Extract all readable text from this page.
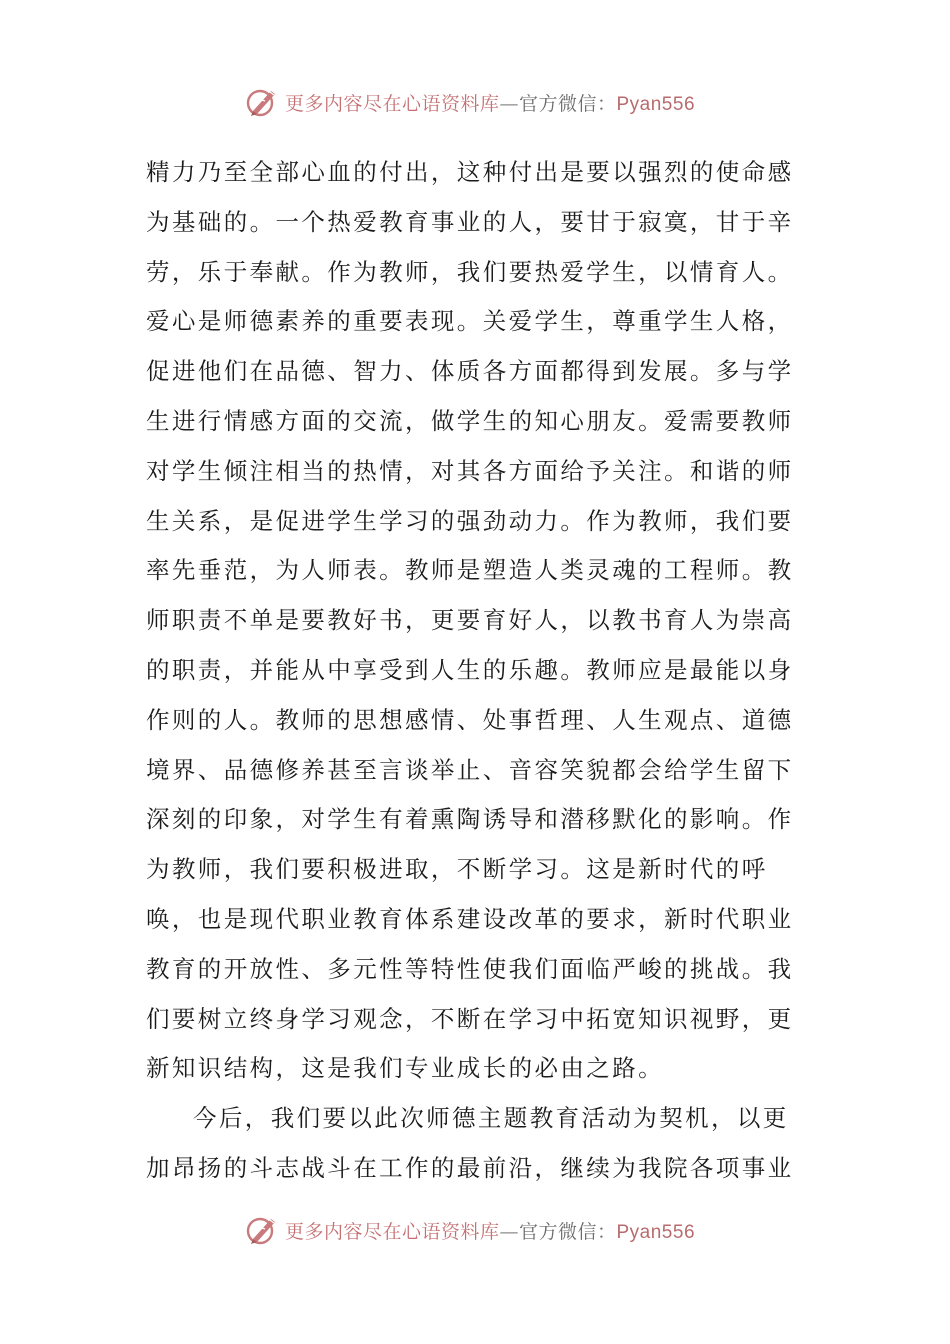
更多内容尽在心语资料库—官方微信：Pyan556

精力乃至全部心血的付出，这种付出是要以强烈的使命感为基础的。一个热爱教育事业的人，要甘于寂寞，甘于辛劳，乐于奉献。作为教师，我们要热爱学生，以情育人。爱心是师德素养的重要表现。关爱学生，尊重学生人格，促进他们在品德、智力、体质各方面都得到发展。多与学生进行情感方面的交流，做学生的知心朋友。爱需要教师对学生倾注相当的热情，对其各方面给予关注。和谐的师生关系，是促进学生学习的强劲动力。作为教师，我们要率先垂范，为人师表。教师是塑造人类灵魂的工程师。教师职责不单是要教好书，更要育好人，以教书育人为崇高的职责，并能从中享受到人生的乐趣。教师应是最能以身作则的人。教师的思想感情、处事哲理、人生观点、道德境界、品德修养甚至言谈举止、音容笑貌都会给学生留下深刻的印象，对学生有着熏陶诱导和潜移默化的影响。作为教师，我们要积极进取，不断学习。这是新时代的呼唤，也是现代职业教育体系建设改革的要求，新时代职业教育的开放性、多元性等特性使我们面临严峻的挑战。我们要树立终身学习观念，不断在学习中拓宽知识视野，更新知识结构，这是我们专业成长的必由之路。

今后，我们要以此次师德主题教育活动为契机，以更加昂扬的斗志战斗在工作的最前沿，继续为我院各项事业

更多内容尽在心语资料库—官方微信：Pyan556
